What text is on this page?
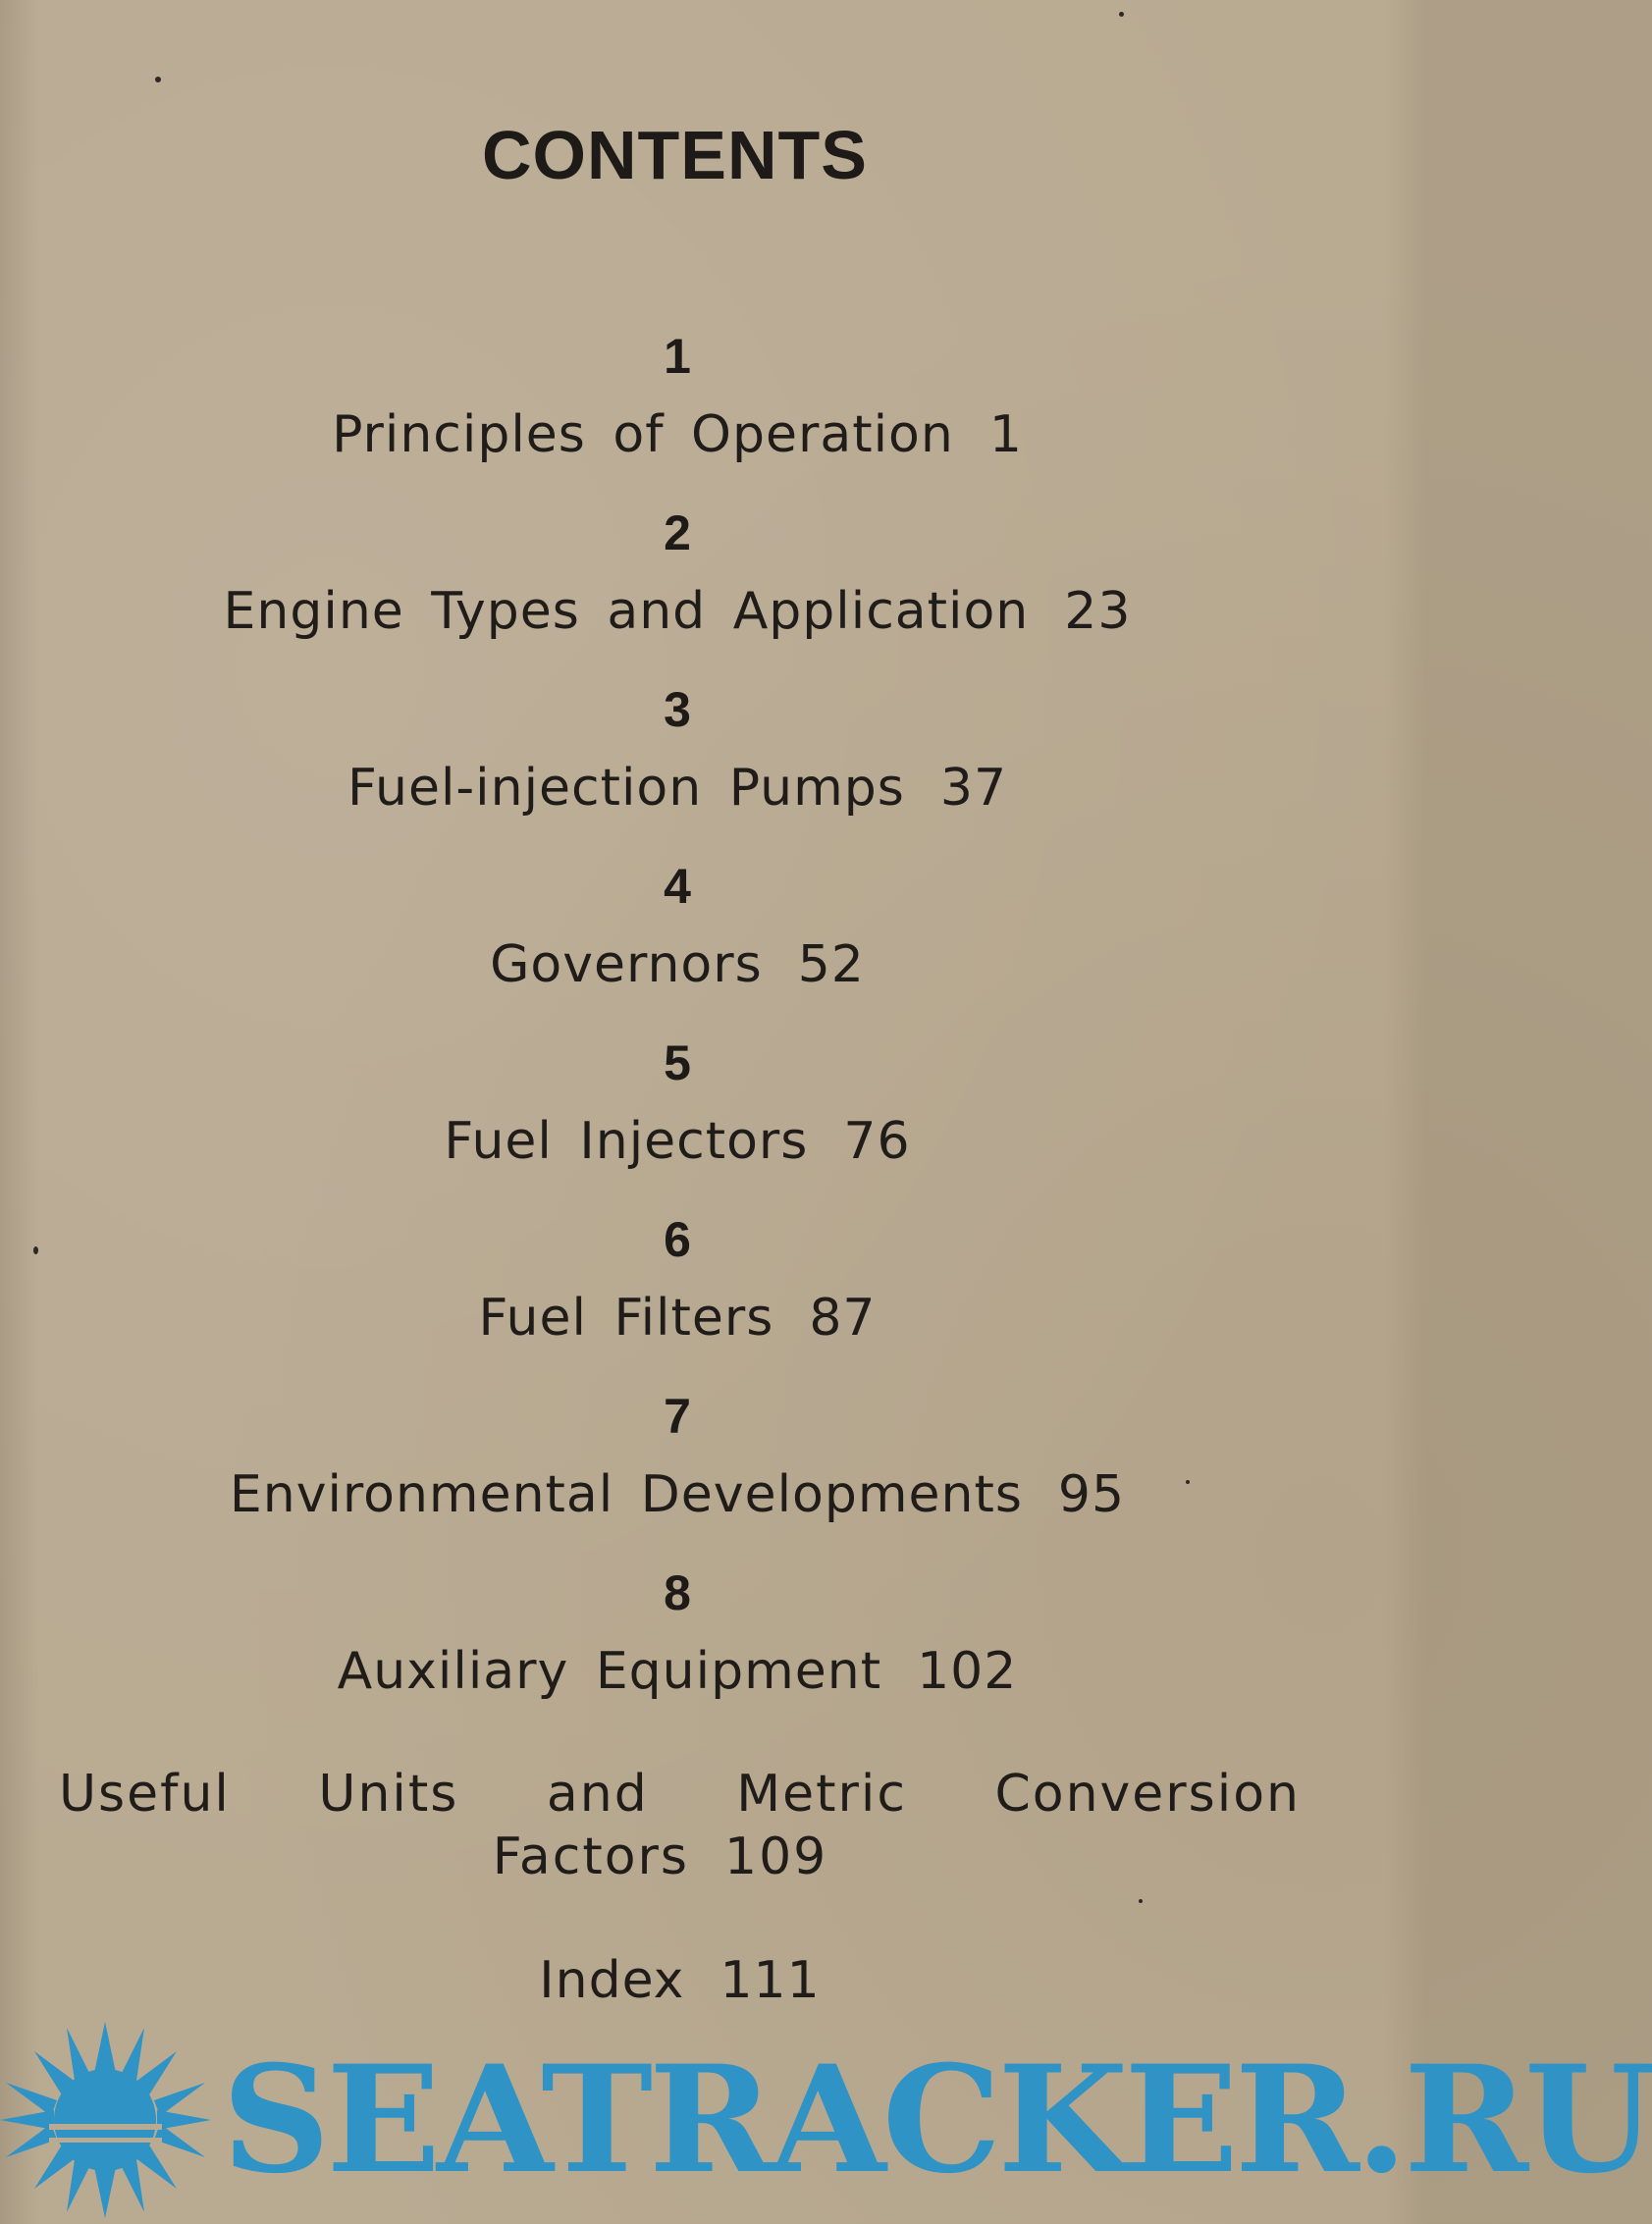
CONTENTS
1
Principles of Operation 1
2
Engine Types and Application 23
3
Fuel-injection Pumps 37
4
Governors 52
5
Fuel Injectors 76
6
Fuel Filters 87
7
Environmental Developments 95
8
Auxiliary Equipment 102
Useful Units and Metric Conversion
Factors 109
Index 111
SEATRACKER.RU
